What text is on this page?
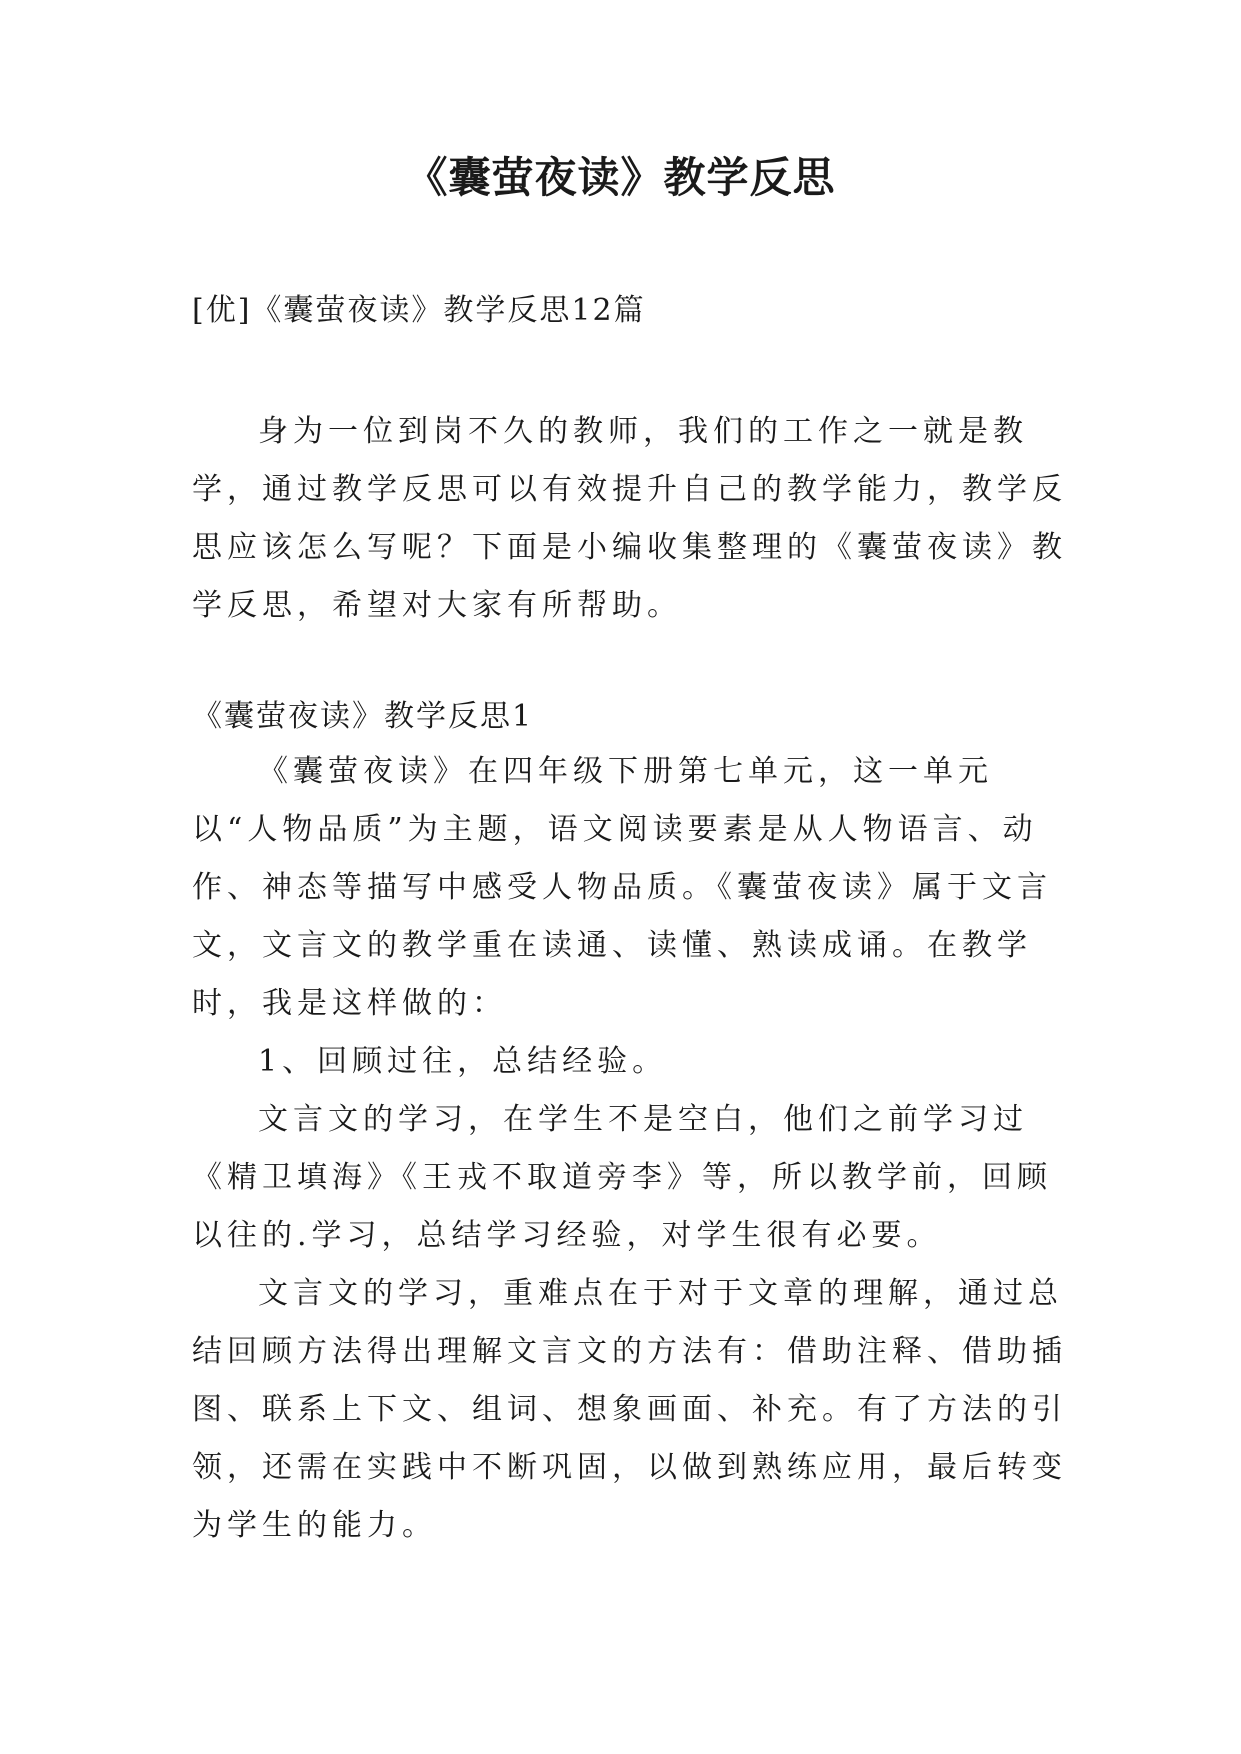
《囊萤夜读》教学反思
[优]《囊萤夜读》教学反思12篇

身为一位到岗不久的教师，我们的工作之一就是教学，通过教学反思可以有效提升自己的教学能力，教学反思应该怎么写呢？下面是小编收集整理的《囊萤夜读》教学反思，希望对大家有所帮助。

《囊萤夜读》教学反思1

《囊萤夜读》在四年级下册第七单元，这一单元以“人物品质”为主题，语文阅读要素是从人物语言、动作、神态等描写中感受人物品质。《囊萤夜读》属于文言文，文言文的教学重在读通、读懂、熟读成诵。在教学时，我是这样做的：

1、回顾过往，总结经验。

文言文的学习，在学生不是空白，他们之前学习过《精卫填海》《王戎不取道旁李》等，所以教学前，回顾以往的.学习，总结学习经验，对学生很有必要。

文言文的学习，重难点在于对于文章的理解，通过总结回顾方法得出理解文言文的方法有：借助注释、借助插图、联系上下文、组词、想象画面、补充。有了方法的引领，还需在实践中不断巩固，以做到熟练应用，最后转变为学生的能力。
